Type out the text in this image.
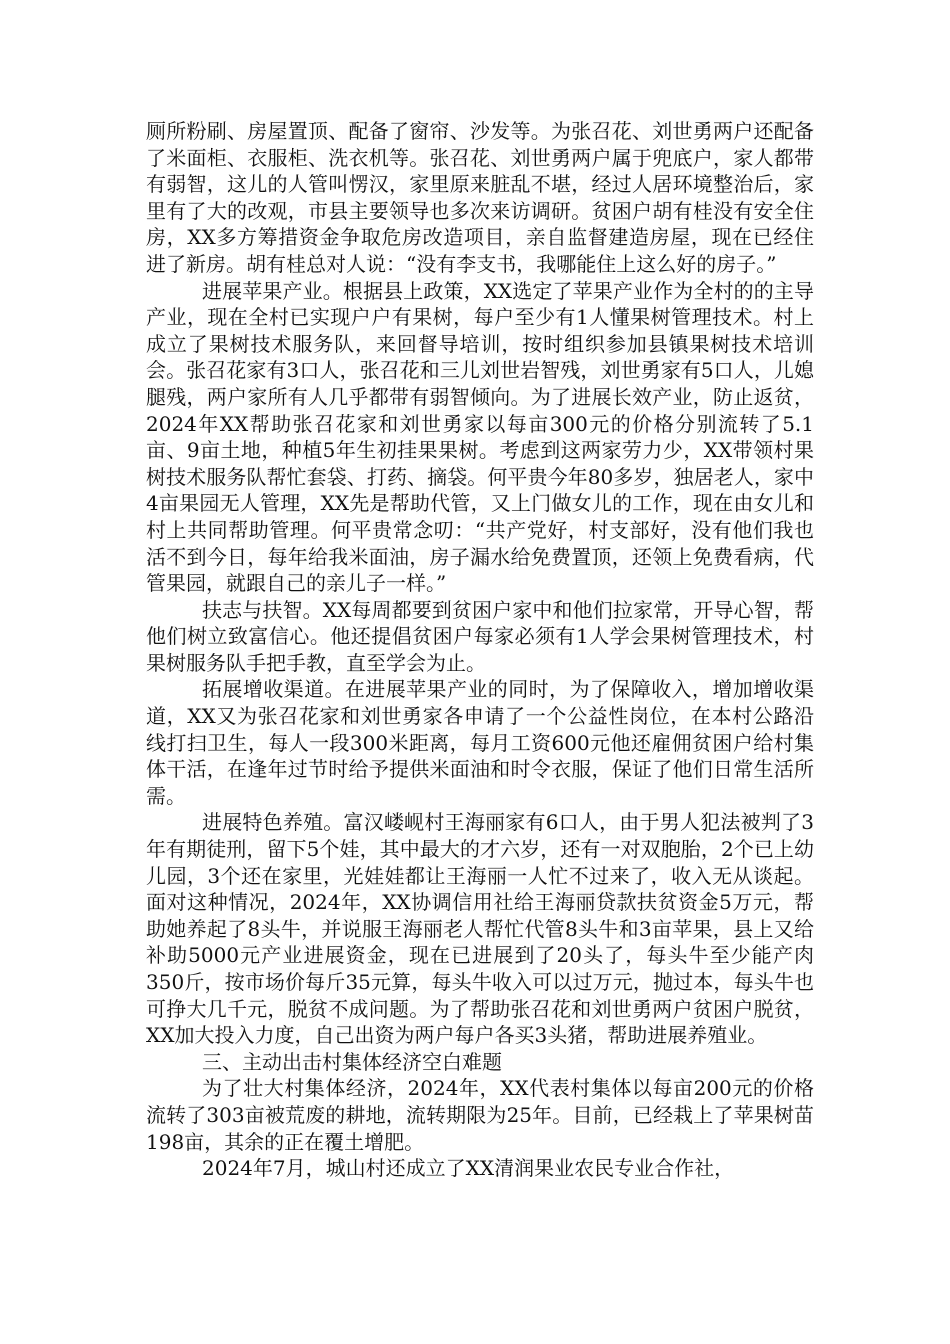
厕所粉刷、房屋置顶、配备了窗帘、沙发等。为张召花、刘世勇两户还配备了米面柜、衣服柜、洗衣机等。张召花、刘世勇两户属于兜底户，家人都带有弱智，这儿的人管叫愣汉，家里原来脏乱不堪，经过人居环境整治后，家里有了大的改观，市县主要领导也多次来访调研。贫困户胡有桂没有安全住房，XX多方筹措资金争取危房改造项目，亲自监督建造房屋，现在已经住进了新房。胡有桂总对人说：“没有李支书，我哪能住上这么好的房子。”

进展苹果产业。根据县上政策，XX选定了苹果产业作为全村的的主导产业，现在全村已实现户户有果树，每户至少有1人懂果树管理技术。村上成立了果树技术服务队，来回督导培训，按时组织参加县镇果树技术培训会。张召花家有3口人，张召花和三儿刘世岩智残，刘世勇家有5口人，儿媳腿残，两户家所有人几乎都带有弱智倾向。为了进展长效产业，防止返贫，2024年XX帮助张召花家和刘世勇家以每亩300元的价格分别流转了5.1亩、9亩土地，种植5年生初挂果果树。考虑到这两家劳力少，XX带领村果树技术服务队帮忙套袋、打药、摘袋。何平贵今年80多岁，独居老人，家中4亩果园无人管理，XX先是帮助代管，又上门做女儿的工作，现在由女儿和村上共同帮助管理。何平贵常念叨：“共产党好，村支部好，没有他们我也活不到今日，每年给我米面油，房子漏水给免费置顶，还领上免费看病，代管果园，就跟自己的亲儿子一样。”

扶志与扶智。XX每周都要到贫困户家中和他们拉家常，开导心智，帮他们树立致富信心。他还提倡贫困户每家必须有1人学会果树管理技术，村果树服务队手把手教，直至学会为止。

拓展增收渠道。在进展苹果产业的同时，为了保障收入，增加增收渠道，XX又为张召花家和刘世勇家各申请了一个公益性岗位，在本村公路沿线打扫卫生，每人一段300米距离，每月工资600元他还雇佣贫困户给村集体干活，在逢年过节时给予提供米面油和时令衣服，保证了他们日常生活所需。

进展特色养殖。富汉嵝岘村王海丽家有6口人，由于男人犯法被判了3年有期徒刑，留下5个娃，其中最大的才六岁，还有一对双胞胎，2个已上幼儿园，3个还在家里，光娃娃都让王海丽一人忙不过来了，收入无从谈起。面对这种情况，2024年，XX协调信用社给王海丽贷款扶贫资金5万元，帮助她养起了8头牛，并说服王海丽老人帮忙代管8头牛和3亩苹果，县上又给补助5000元产业进展资金，现在已进展到了20头了，每头牛至少能产肉350斤，按市场价每斤35元算，每头牛收入可以过万元，抛过本，每头牛也可挣大几千元，脱贫不成问题。为了帮助张召花和刘世勇两户贫困户脱贫，XX加大投入力度，自己出资为两户每户各买3头猪，帮助进展养殖业。

三、主动出击村集体经济空白难题

为了壮大村集体经济，2024年，XX代表村集体以每亩200元的价格流转了303亩被荒废的耕地，流转期限为25年。目前，已经栽上了苹果树苗198亩，其余的正在覆土增肥。

2024年7月，城山村还成立了XX清润果业农民专业合作社，
